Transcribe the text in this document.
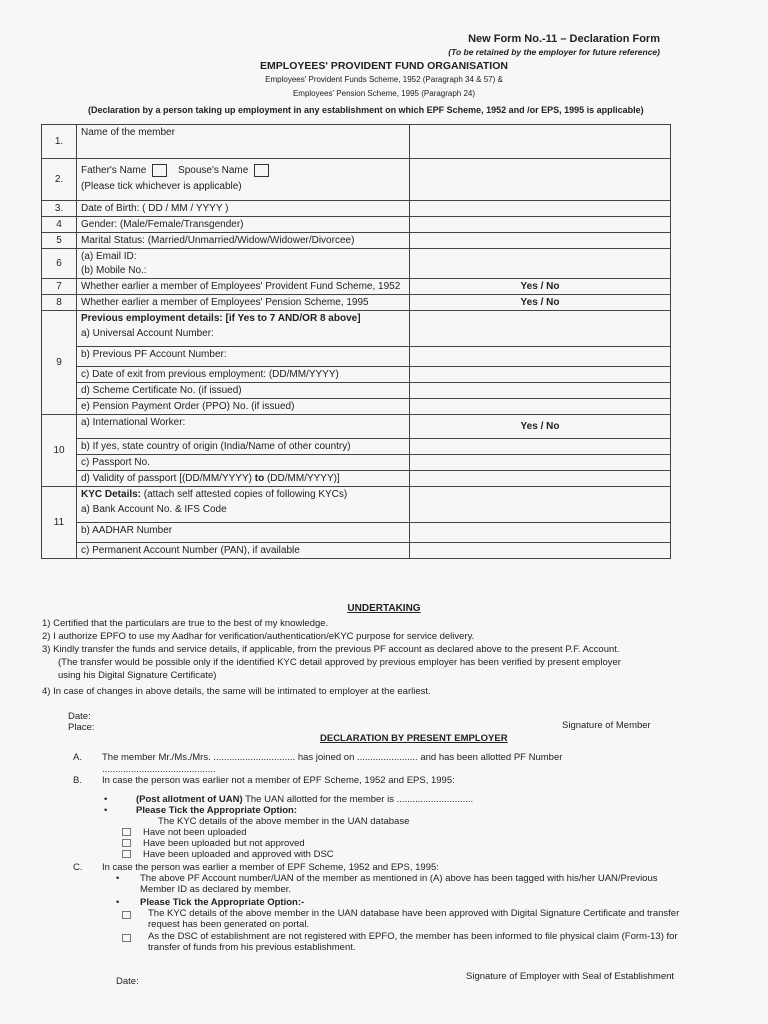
New Form No.-11 – Declaration Form
(To be retained by the employer for future reference)
EMPLOYEES' PROVIDENT FUND ORGANISATION
Employees' Provident Funds Scheme, 1952 (Paragraph 34 & 57) &
Employees' Pension Scheme, 1995 (Paragraph 24)
(Declaration by a person taking up employment in any establishment on which EPF Scheme, 1952 and /or EPS, 1995 is applicable)
1.	Name of the member	
2.	Father's Name Spouse's Name
(Please tick whichever is applicable)	

3.	Date of Birth: ( DD / MM / YYYY )	
4	Gender: (Male/Female/Transgender)	
5	Marital Status: (Married/Unmarried/Widow/Widower/Divorcee)	
6	(a) Email ID:
(b) Mobile No.:	

7	Whether earlier a member of Employees' Provident Fund Scheme, 1952	Yes / No
8	Whether earlier a member of Employees' Pension Scheme, 1995	Yes / No
9	Previous employment details: [if Yes to 7 AND/OR 8 above]
a) Universal Account Number:	

	b) Previous PF Account Number:	
	c) Date of exit from previous employment: (DD/MM/YYYY)	
	d) Scheme Certificate No. (if issued)	
	e) Pension Payment Order (PPO) No. (if issued)	
10	a) International Worker:	Yes / No
	b) If yes, state country of origin (India/Name of other country)	
	c) Passport No.	
	d) Validity of passport [(DD/MM/YYYY) to (DD/MM/YYYY)]	
11	KYC Details: (attach self attested copies of following KYCs)
a) Bank Account No. & IFS Code	

	b) AADHAR Number	
	c) Permanent Account Number (PAN), if available	
UNDERTAKING
1) Certified that the particulars are true to the best of my knowledge.
2) I authorize EPFO to use my Aadhar for verification/authentication/eKYC purpose for service delivery.
3) Kindly transfer the funds and service details, if applicable, from the previous PF account as declared above to the present P.F. Account.
(The transfer would be possible only if the identified KYC detail approved by previous employer has been verified by present employer
using his Digital Signature Certificate)
4) In case of changes in above details, the same will be intimated to employer at the earliest.
Date:
Place:	Signature of Member
DECLARATION BY PRESENT EMPLOYER
A. The member Mr./Ms./Mrs. ............................... has joined on ....................... and has been allotted PF Number
...........................................
B. In case the person was earlier not a member of EPF Scheme, 1952 and EPS, 1995:
•	(Post allotment of UAN) The UAN allotted for the member is .............................
•	Please Tick the Appropriate Option:
The KYC details of the above member in the UAN database
Have not been uploaded
Have been uploaded but not approved
Have been uploaded and approved with DSC
C. In case the person was earlier a member of EPF Scheme, 1952 and EPS, 1995:
• The above PF Account number/UAN of the member as mentioned in (A) above has been tagged with his/her UAN/Previous Member ID as declared by member.
• Please Tick the Appropriate Option:-
The KYC details of the above member in the UAN database have been approved with Digital Signature Certificate and transfer request has been generated on portal.
As the DSC of establishment are not registered with EPFO, the member has been informed to file physical claim (Form-13) for transfer of funds from his previous establishment.
Date:	Signature of Employer with Seal of Establishment
